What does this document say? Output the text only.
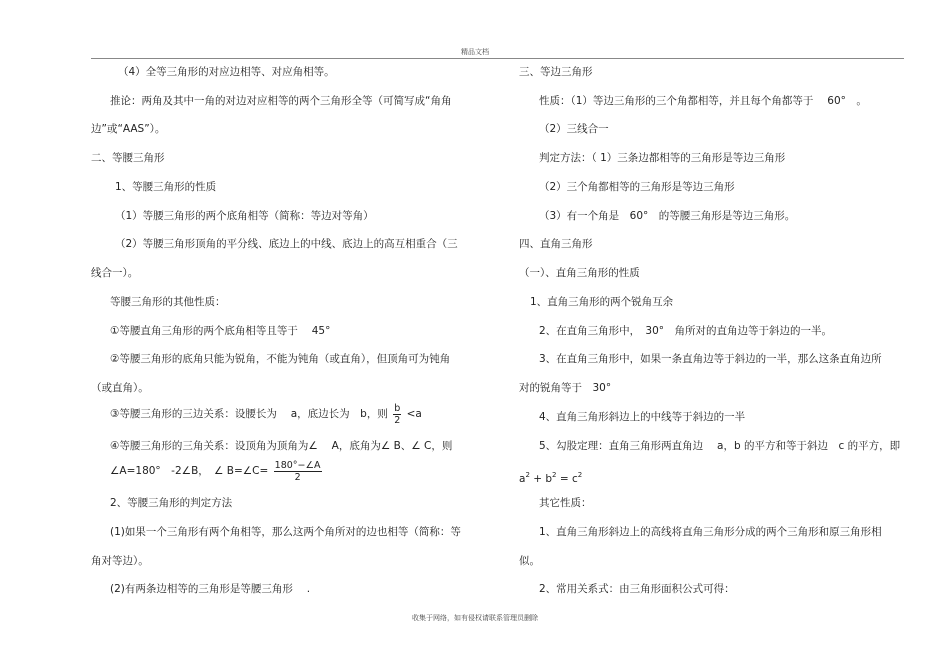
精品文档
（4）全等三角形的对应边相等、对应角相等。
推论：两角及其中一角的对边对应相等的两个三角形全等（可简写成“角角
边”或“AAS”）。
二、等腰三角形
1、等腰三角形的性质
（1）等腰三角形的两个底角相等（简称：等边对等角）
（2）等腰三角形顶角的平分线、底边上的中线、底边上的高互相重合（三
线合一）。
等腰三角形的其他性质：
①等腰直角三角形的两个底角相等且等于　 45°
②等腰三角形的底角只能为锐角，不能为钝角（或直角），但顶角可为钝角
（或直角）。
③等腰三角形的三边关系：设腰长为　 a，底边长为　b，则 $\frac{b}{2} <a$
④等腰三角形的三角关系：设顶角为顶角为∠　 A，底角为∠ B、∠ C，则
∠A=180°　-2∠B，　∠ B=∠C= $\frac{180^\circ-\angle A}{2}$
2、等腰三角形的判定方法
(1)如果一个三角形有两个角相等，那么这两个角所对的边也相等（简称：等
角对等边）。
(2)有两条边相等的三角形是等腰三角形　 .
三、等边三角形
性质：（1）等边三角形的三个角都相等，并且每个角都等于　 60°　。
（2）三线合一
判定方法：（ 1）三条边都相等的三角形是等边三角形
（2）三个角都相等的三角形是等边三角形
（3）有一个角是　60°　的等腰三角形是等边三角形。
四、直角三角形
（一）、直角三角形的性质
1、直角三角形的两个锐角互余
2、在直角三角形中，　30°　角所对的直角边等于斜边的一半。
3、在直角三角形中，如果一条直角边等于斜边的一半，那么这条直角边所
对的锐角等于　30°
4、直角三角形斜边上的中线等于斜边的一半
5、勾股定理：直角三角形两直角边　 a，b 的平方和等于斜边　c 的平方，即
$a^2 + b^2 = c^2$
其它性质：
1、直角三角形斜边上的高线将直角三角形分成的两个三角形和原三角形相
似。
2、常用关系式：由三角形面积公式可得：
收集于网络，如有侵权请联系管理员删除
